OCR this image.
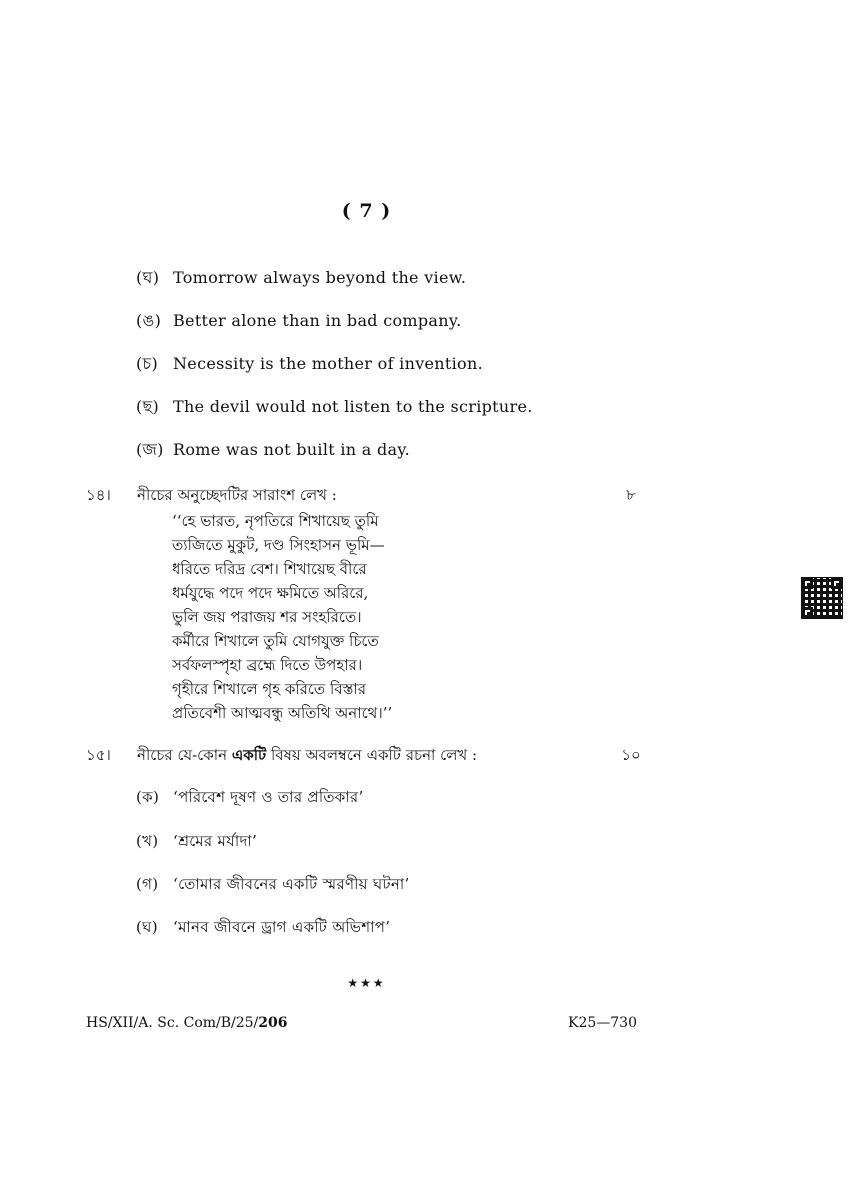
( 7 )
(ঘ) Tomorrow always beyond the view.
(ঙ) Better alone than in bad company.
(চ) Necessity is the mother of invention.
(ছ) The devil would not listen to the scripture.
(জ) Rome was not built in a day.
১৪। নীচের অনুচ্ছেদটির সারাংশ লেখ :	৮
‘‘হে ভারত, নৃপতিরে শিখায়েছ তুমি
ত্যজিতে মুকুট, দণ্ড সিংহাসন ভূমি—
ধরিতে দরিদ্র বেশ। শিখায়েছ বীরে
ধর্মযুদ্ধে পদে পদে ক্ষমিতে অরিরে,
ভুলি জয় পরাজয় শর সংহরিতে।
কর্মীরে শিখালে তুমি যোগযুক্ত চিতে
সর্বফলস্পৃহা ব্রহ্মে দিতে উপহার।
গৃহীরে শিখালে গৃহ করিতে বিস্তার
প্রতিবেশী আত্মবন্ধু অতিথি অনাথে।’’
১৫। নীচের যে-কোন একটি বিষয় অবলম্বনে একটি রচনা লেখ :	১০
(ক) ‘পরিবেশ দূষণ ও তার প্রতিকার’
(খ) ‘শ্রমের মর্যাদা’
(গ) ‘তোমার জীবনের একটি স্মরণীয় ঘটনা’
(ঘ) ‘মানব জীবনে ড্রাগ একটি অভিশাপ’
★★★
HS/XII/A. Sc. Com/B/25/206	K25—730
